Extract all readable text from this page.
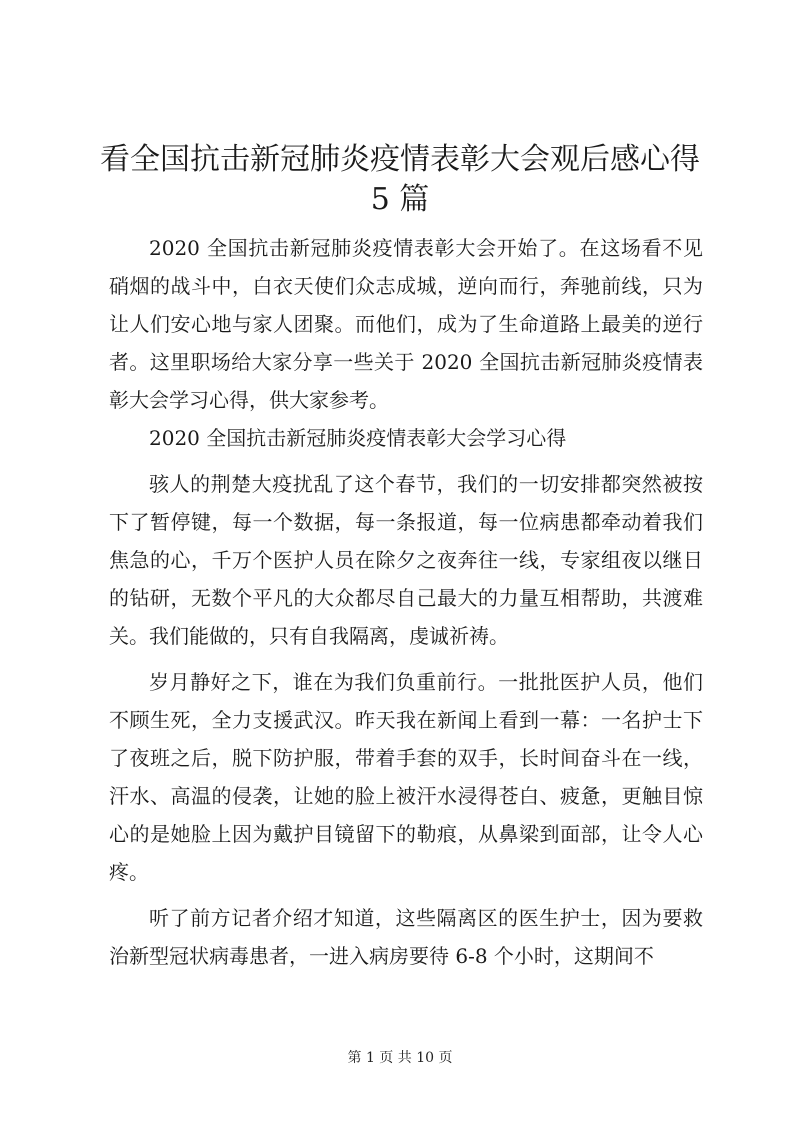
看全国抗击新冠肺炎疫情表彰大会观后感心得
5 篇

2020 全国抗击新冠肺炎疫情表彰大会开始了。在这场看不见硝烟的战斗中，白衣天使们众志成城，逆向而行，奔驰前线，只为让人们安心地与家人团聚。而他们，成为了生命道路上最美的逆行者。这里职场给大家分享一些关于 2020 全国抗击新冠肺炎疫情表彰大会学习心得，供大家参考。

2020 全国抗击新冠肺炎疫情表彰大会学习心得

骇人的荆楚大疫扰乱了这个春节，我们的一切安排都突然被按下了暂停键，每一个数据，每一条报道，每一位病患都牵动着我们焦急的心，千万个医护人员在除夕之夜奔往一线，专家组夜以继日的钻研，无数个平凡的大众都尽自己最大的力量互相帮助，共渡难关。我们能做的，只有自我隔离，虔诚祈祷。

岁月静好之下，谁在为我们负重前行。一批批医护人员，他们不顾生死，全力支援武汉。昨天我在新闻上看到一幕：一名护士下了夜班之后，脱下防护服，带着手套的双手，长时间奋斗在一线，汗水、高温的侵袭，让她的脸上被汗水浸得苍白、疲惫，更触目惊心的是她脸上因为戴护目镜留下的勒痕，从鼻梁到面部，让令人心疼。

听了前方记者介绍才知道，这些隔离区的医生护士，因为要救治新型冠状病毒患者，一进入病房要待 6-8 个小时，这期间不

第 1 页 共 10 页
